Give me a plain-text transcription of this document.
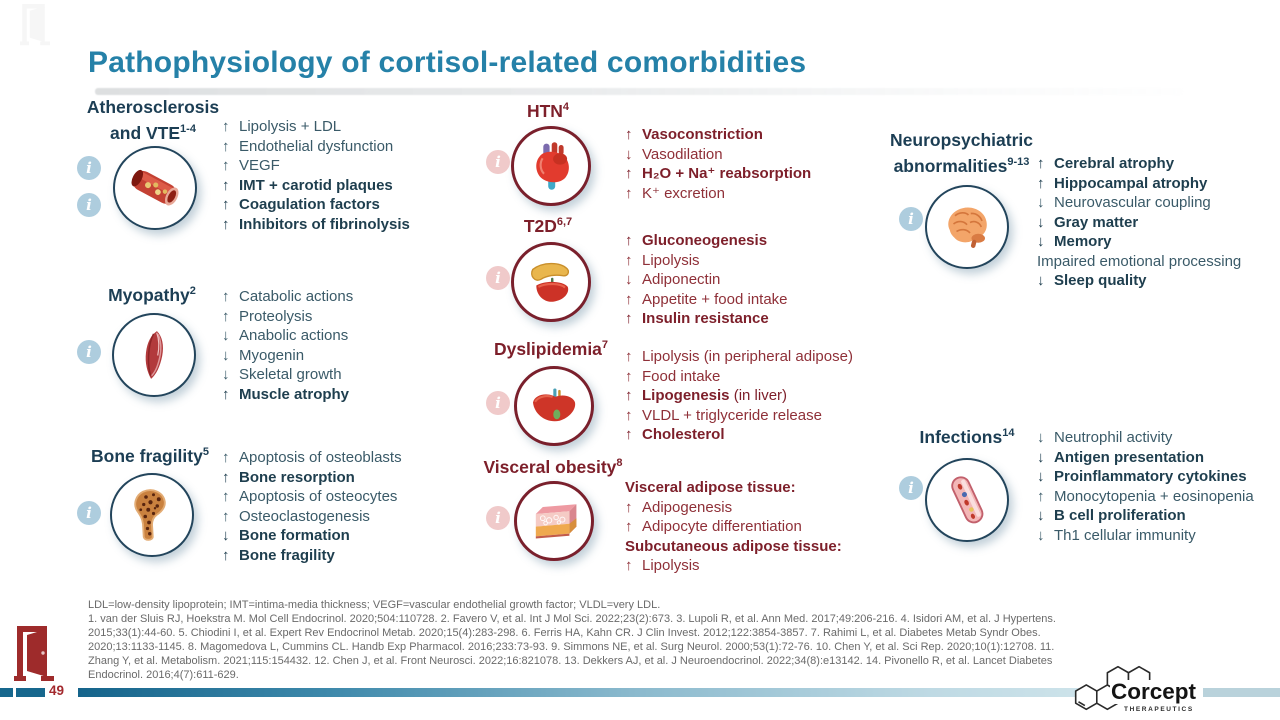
Pathophysiology of cortisol-related comorbidities
Atherosclerosis and VTE$^{1-4}$
i
i
↑ Lipolysis + LDL
↑ Endothelial dysfunction
↑ VEGF
↑ IMT + carotid plaques
↑ Coagulation factors
↑ Inhibitors of fibrinolysis
Myopathy$^2$
i
↑ Catabolic actions
↑ Proteolysis
↓ Anabolic actions
↓ Myogenin
↓ Skeletal growth
↑ Muscle atrophy
Bone fragility$^5$
i
↑ Apoptosis of osteoblasts
↑ Bone resorption
↑ Apoptosis of osteocytes
↑ Osteoclastogenesis
↓ Bone formation
↑ Bone fragility
HTN$^4$
i
↑ Vasoconstriction
↓ Vasodilation
↑ H₂O + Na⁺ reabsorption
↑ K⁺ excretion
$T2D^{6,7}$
i
↑ Gluconeogenesis
↑ Lipolysis
↓ Adiponectin
↑ Appetite + food intake
↑ Insulin resistance
Dyslipidemia$^7$
i
↑ Lipolysis (in peripheral adipose)
↑ Food intake
↑ Lipogenesis (in liver)
↑ VLDL + triglyceride release
↑ Cholesterol
Visceral obesity$^8$
i
Visceral adipose tissue:
↑ Adipogenesis
↑ Adipocyte differentiation
Subcutaneous adipose tissue:
↑ Lipolysis
Neuropsychiatric abnormalities$^{9-13}$
i
↑ Cerebral atrophy
↑ Hippocampal atrophy
↓ Neurovascular coupling
↓ Gray matter
↓ Memory
Impaired emotional processing
↓ Sleep quality
Infections$^{14}$
i
↓ Neutrophil activity
↓ Antigen presentation
↓ Proinflammatory cytokines
↑ Monocytopenia + eosinopenia
↓ B cell proliferation
↓ Th1 cellular immunity
LDL=low-density lipoprotein; IMT=intima-media thickness; VEGF=vascular endothelial growth factor; VLDL=very LDL.
1. van der Sluis RJ, Hoekstra M. Mol Cell Endocrinol. 2020;504:110728. 2. Favero V, et al. Int J Mol Sci. 2022;23(2):673. 3. Lupoli R, et al. Ann Med. 2017;49:206-216. 4. Isidori AM, et al. J Hypertens. 2015;33(1):44-60. 5. Chiodini I, et al. Expert Rev Endocrinol Metab. 2020;15(4):283-298. 6. Ferris HA, Kahn CR. J Clin Invest. 2012;122:3854-3857. 7. Rahimi L, et al. Diabetes Metab Syndr Obes. 2020;13:1133-1145. 8. Magomedova L, Cummins CL. Handb Exp Pharmacol. 2016;233:73-93. 9. Simmons NE, et al. Surg Neurol. 2000;53(1):72-76. 10. Chen Y, et al. Sci Rep. 2020;10(1):12708. 11. Zhang Y, et al. Metabolism. 2021;115:154432. 12. Chen J, et al. Front Neurosci. 2022;16:821078. 13. Dekkers AJ, et al. J Neuroendocrinol. 2022;34(8):e13142. 14. Pivonello R, et al. Lancet Diabetes Endocrinol. 2016;4(7):611-629.
49	Corcept
THERAPEUTICS
